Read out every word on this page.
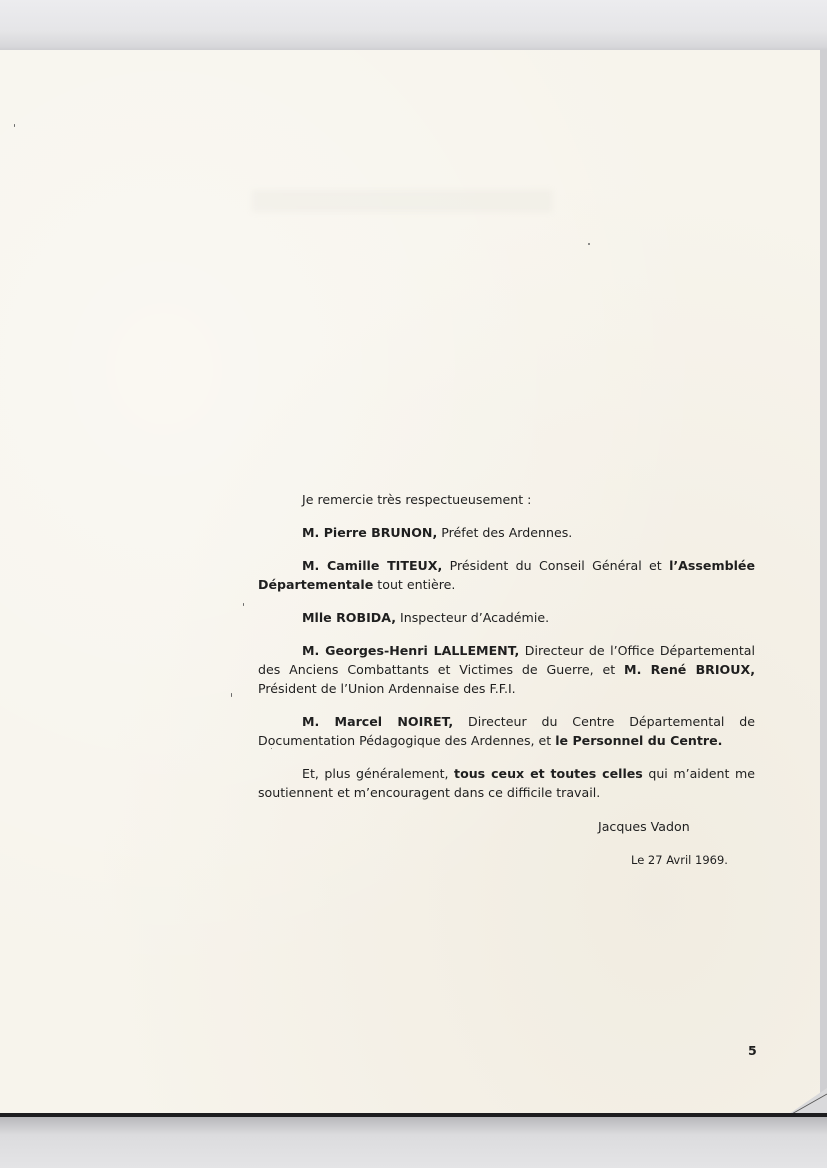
Je remercie très respectueusement :

M. Pierre BRUNON, Préfet des Ardennes.

M. Camille TITEUX, Président du Conseil Général et l’Assemblée Départementale tout entière.

Mlle ROBIDA, Inspecteur d’Académie.

M. Georges-Henri LALLEMENT, Directeur de l’Office Départemental des Anciens Combattants et Victimes de Guerre, et M. René BRIOUX, Président de l’Union Ardennaise des F.F.I.

M. Marcel NOIRET, Directeur du Centre Départemental de Documentation Pédagogique des Ardennes, et le Personnel du Centre.

Et, plus généralement, tous ceux et toutes celles qui m’aident me soutiennent et m’encouragent dans ce difficile travail.

Jacques Vadon
Le 27 Avril 1969.
5
